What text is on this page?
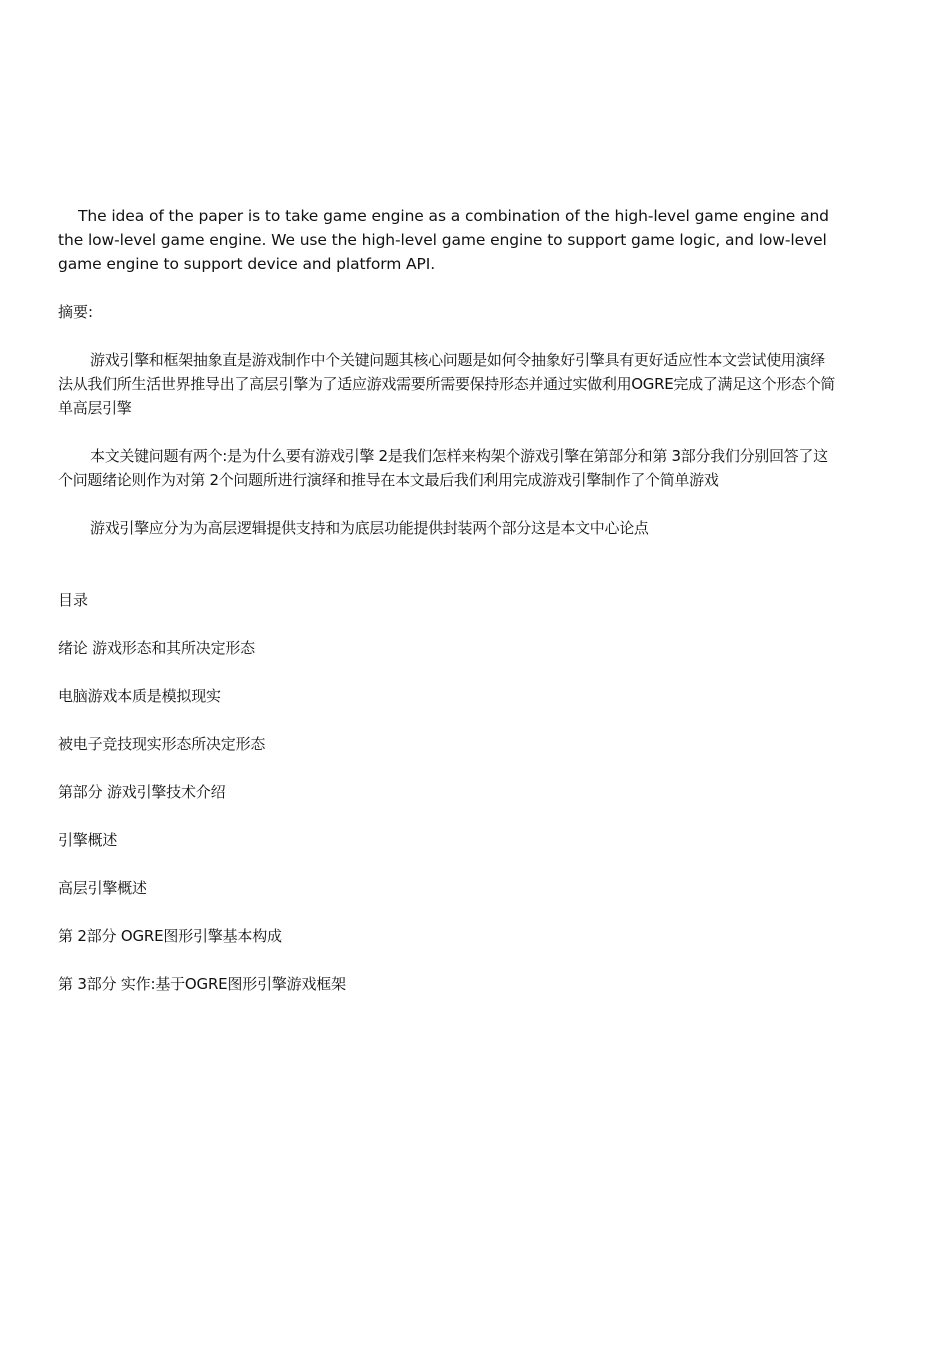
The idea of the paper is to take game engine as a combination of the high-level game engine and the low-level game engine. We use the high-level game engine to support game logic, and low-level game engine to support device and platform API.

摘要:

游戏引擎和框架抽象直是游戏制作中个关键问题其核心问题是如何令抽象好引擎具有更好适应性本文尝试使用演绎法从我们所生活世界推导出了高层引擎为了适应游戏需要所需要保持形态并通过实做利用OGRE完成了满足这个形态个简单高层引擎

本文关键问题有两个:是为什么要有游戏引擎 2是我们怎样来构架个游戏引擎在第部分和第 3部分我们分别回答了这个问题绪论则作为对第 2个问题所进行演绎和推导在本文最后我们利用完成游戏引擎制作了个简单游戏

游戏引擎应分为为高层逻辑提供支持和为底层功能提供封装两个部分这是本文中心论点

目录
绪论 游戏形态和其所决定形态
电脑游戏本质是模拟现实
被电子竞技现实形态所决定形态
第部分 游戏引擎技术介绍
引擎概述
高层引擎概述
第 2部分 OGRE图形引擎基本构成
第 3部分 实作:基于OGRE图形引擎游戏框架
